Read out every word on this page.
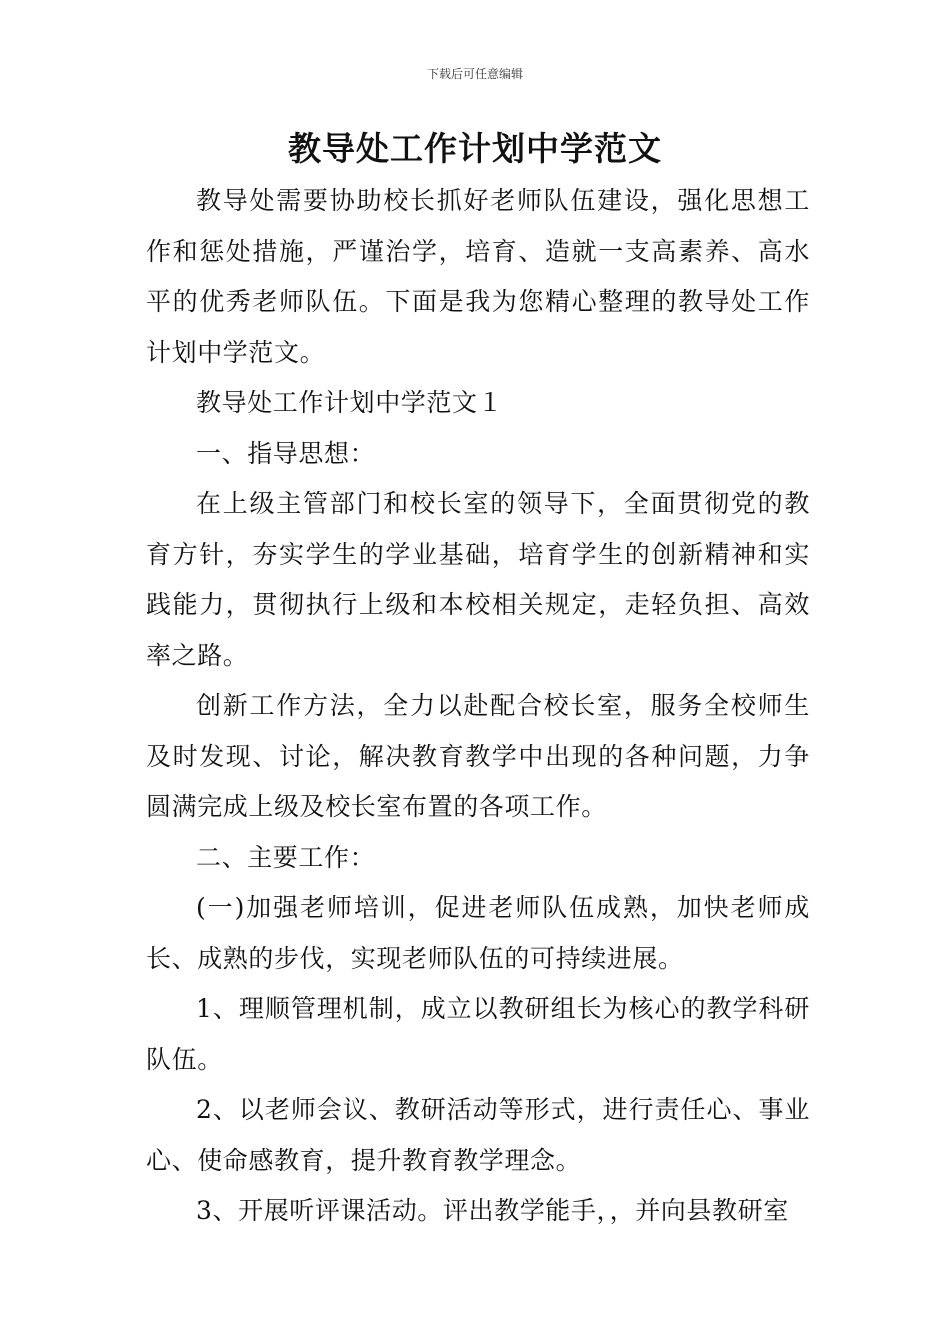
下载后可任意编辑
教导处工作计划中学范文

教导处需要协助校长抓好老师队伍建设，强化思想工作和惩处措施，严谨治学，培育、造就一支高素养、高水平的优秀老师队伍。下面是我为您精心整理的教导处工作计划中学范文。

教导处工作计划中学范文１

一、指导思想：

在上级主管部门和校长室的领导下，全面贯彻党的教育方针，夯实学生的学业基础，培育学生的创新精神和实践能力，贯彻执行上级和本校相关规定，走轻负担、高效率之路。

创新工作方法，全力以赴配合校长室，服务全校师生及时发现、讨论，解决教育教学中出现的各种问题，力争圆满完成上级及校长室布置的各项工作。

二、主要工作：

(一)加强老师培训，促进老师队伍成熟，加快老师成长、成熟的步伐，实现老师队伍的可持续进展。

1、理顺管理机制，成立以教研组长为核心的教学科研队伍。

2、以老师会议、教研活动等形式，进行责任心、事业心、使命感教育，提升教育教学理念。

3、开展听评课活动。评出教学能手，，并向县教研室
